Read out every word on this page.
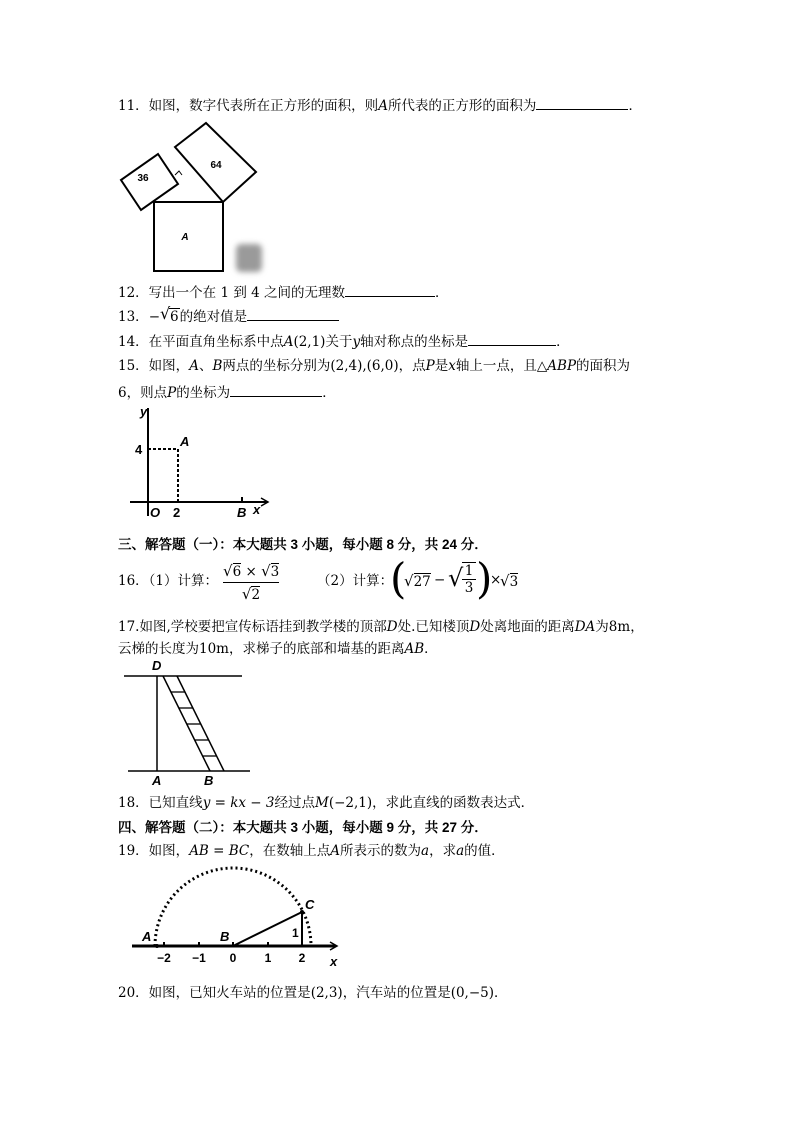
11．如图，数字代表所在正方形的面积，则A所代表的正方形的面积为	．
36
64
A
12．写出一个在 1 到 4 之间的无理数	．
13．− √ 6的绝对值是
14．在平面直角坐标系中点A(2,1)关于y轴对称点的坐标是	．
15．如图，A、B两点的坐标分别为(2,4),(6,0)，点P是x轴上一点，且△ABP的面积为
6，则点P的坐标为	．
y
4
A
O 2	B x
三、解答题（一）：本大题共 3 小题，每小题 8 分，共 24 分．
16．（1）计算：
√6 × √3
√2
（2）计算：
(
√27 − √ 1
3 )
×
√3
17.如图,学校要把宣传标语挂到教学楼的顶部D处.已知楼顶D处离地面的距离DA为8m，
云梯的长度为10m，求梯子的底部和墙基的距离AB．
D
A	B
18．已知直线y = kx − 3经过点M(−2,1)，求此直线的函数表达式．
四、解答题（二）：本大题共 3 小题，每小题 9 分，共 27 分．
19．如图，AB = BC，在数轴上点A所表示的数为a，求a的值．
C
A	B	1
−2 −1 0 1 2 x
20．如图，已知火车站的位置是(2,3)，汽车站的位置是(0,−5)．
